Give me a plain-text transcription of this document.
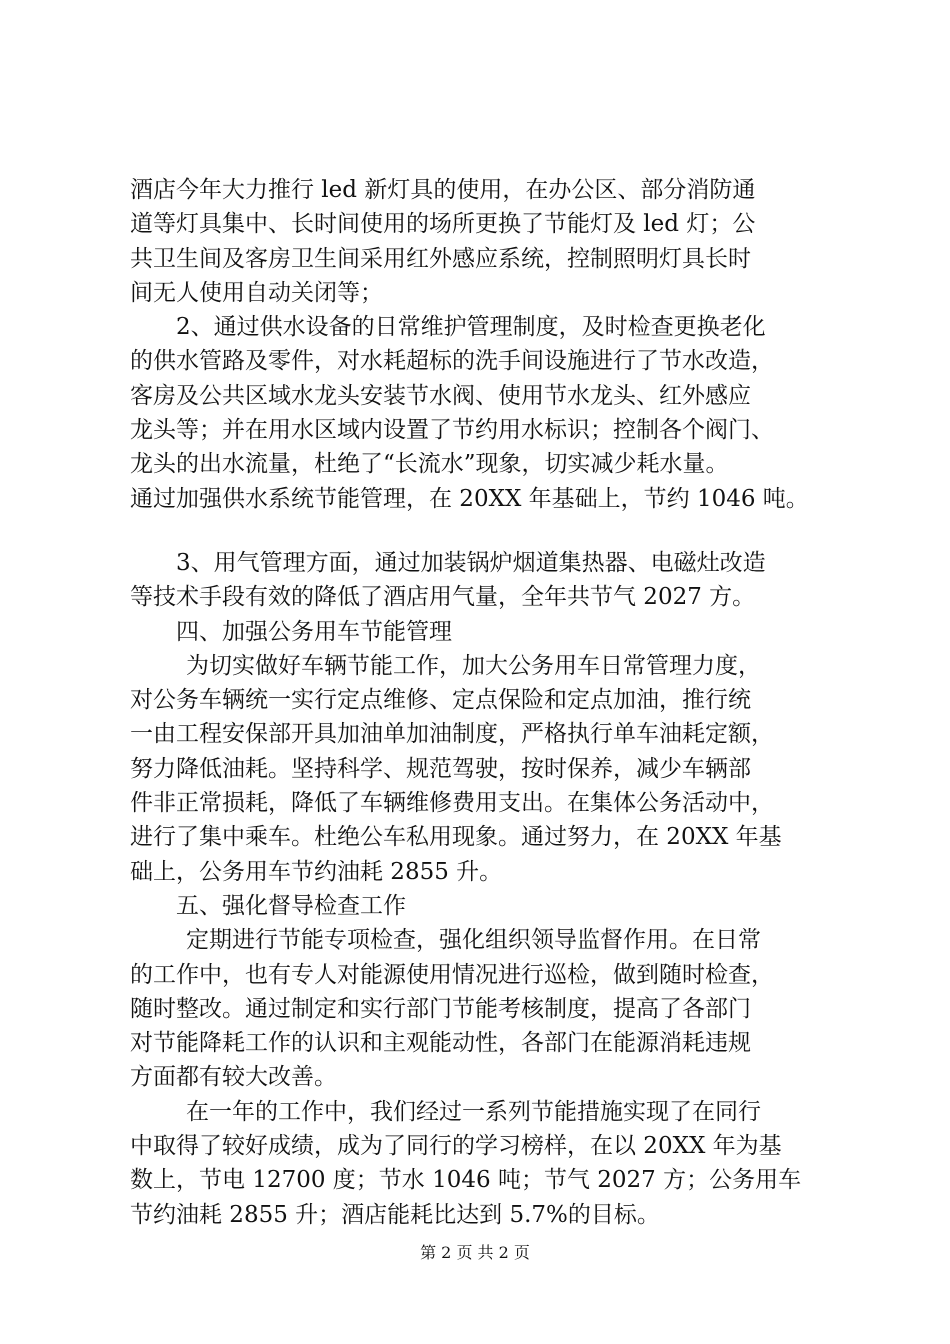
酒店今年大力推行 led 新灯具的使用，在办公区、部分消防通
道等灯具集中、长时间使用的场所更换了节能灯及 led 灯；公
共卫生间及客房卫生间采用红外感应系统，控制照明灯具长时
间无人使用自动关闭等；
2、通过供水设备的日常维护管理制度，及时检查更换老化
的供水管路及零件，对水耗超标的洗手间设施进行了节水改造，
客房及公共区域水龙头安装节水阀、使用节水龙头、红外感应
龙头等；并在用水区域内设置了节约用水标识；控制各个阀门、
龙头的出水流量，杜绝了“长流水”现象，切实减少耗水量。
通过加强供水系统节能管理，在 20XX 年基础上，节约 1046 吨。
3、用气管理方面，通过加装锅炉烟道集热器、电磁灶改造
等技术手段有效的降低了酒店用气量，全年共节气 2027 方。
四、加强公务用车节能管理
为切实做好车辆节能工作，加大公务用车日常管理力度，
对公务车辆统一实行定点维修、定点保险和定点加油，推行统
一由工程安保部开具加油单加油制度，严格执行单车油耗定额，
努力降低油耗。坚持科学、规范驾驶，按时保养，减少车辆部
件非正常损耗，降低了车辆维修费用支出。在集体公务活动中，
进行了集中乘车。杜绝公车私用现象。通过努力，在 20XX 年基
础上，公务用车节约油耗 2855 升。
五、强化督导检查工作
定期进行节能专项检查，强化组织领导监督作用。在日常
的工作中，也有专人对能源使用情况进行巡检，做到随时检查，
随时整改。通过制定和实行部门节能考核制度，提高了各部门
对节能降耗工作的认识和主观能动性，各部门在能源消耗违规
方面都有较大改善。
在一年的工作中，我们经过一系列节能措施实现了在同行
中取得了较好成绩，成为了同行的学习榜样，在以 20XX 年为基
数上，节电 12700 度；节水 1046 吨；节气 2027 方；公务用车
节约油耗 2855 升；酒店能耗比达到 5.7%的目标。
第 2 页 共 2 页
